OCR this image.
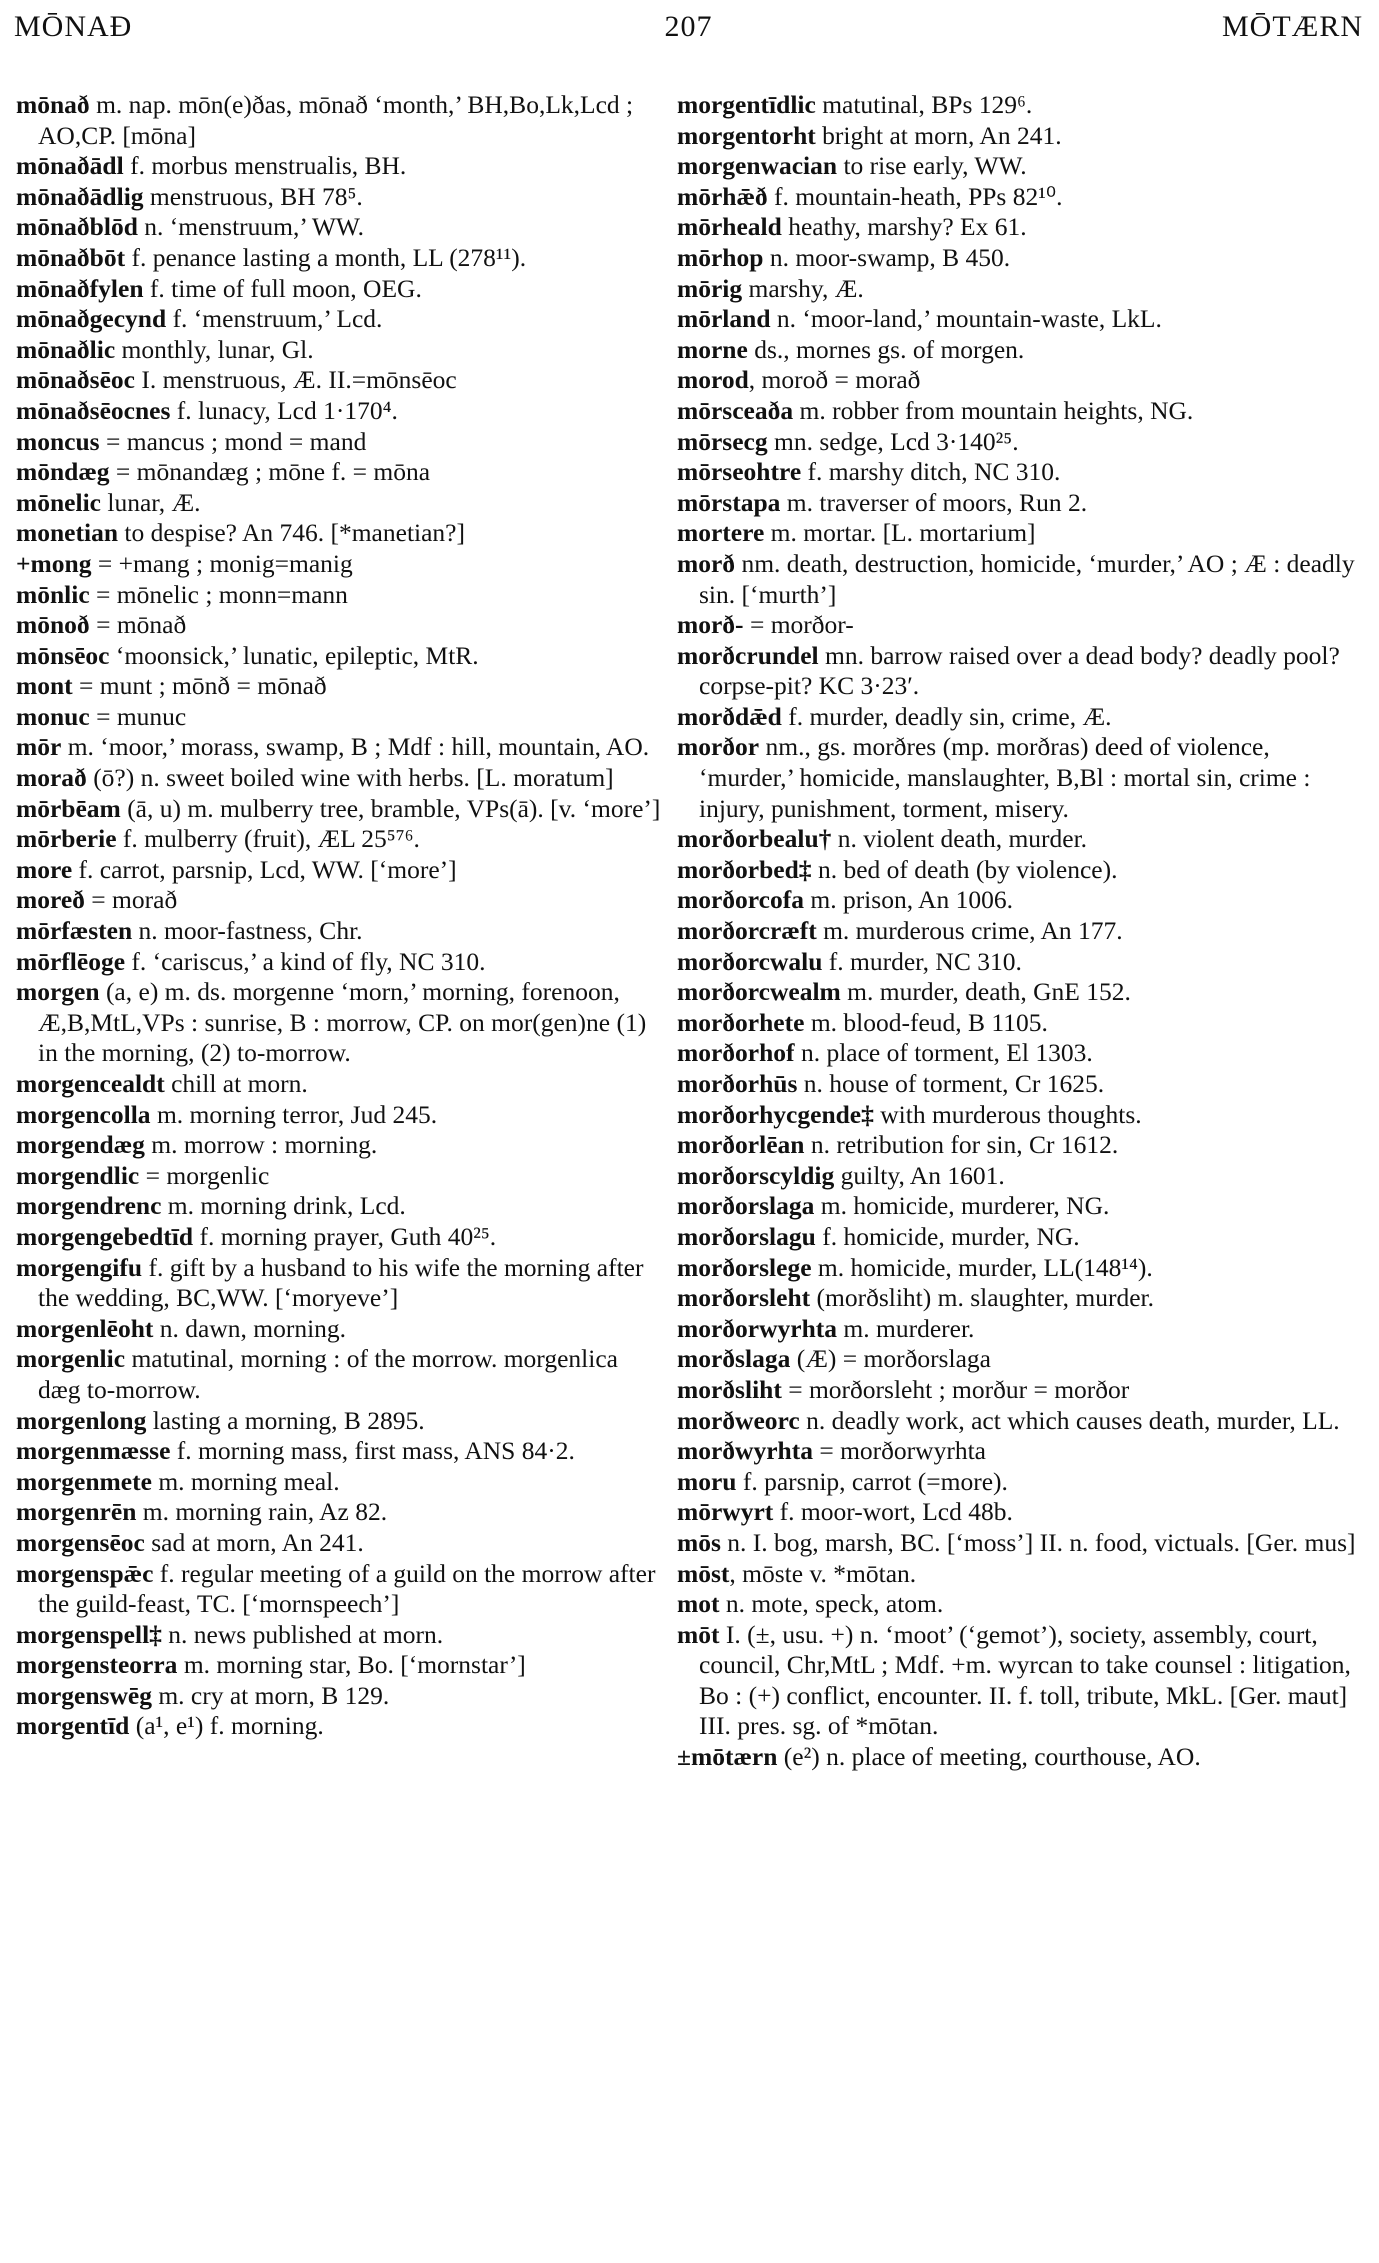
MŌNAÐ	207	MŌTÆRN

mōnað m. nap. mōn(e)ðas, mōnað ‘month,’ BH,Bo,Lk,Lcd ; AO,CP. [mōna]

mōnaðādl f. morbus menstrualis, BH.

mōnaðādlig menstruous, BH 78⁵.

mōnaðblōd n. ‘menstruum,’ WW.

mōnaðbōt f. penance lasting a month, LL (278¹¹).

mōnaðfylen f. time of full moon, OEG.

mōnaðgecynd f. ‘menstruum,’ Lcd.

mōnaðlic monthly, lunar, Gl.

mōnaðsēoc I. menstruous, Æ. II.=mōnsēoc

mōnaðsēocnes f. lunacy, Lcd 1·170⁴.

moncus = mancus ; mond = mand

mōndæg = mōnandæg ; mōne f. = mōna

mōnelic lunar, Æ.

monetian to despise? An 746. [*manetian?]

+mong = +mang ; monig=manig

mōnlic = mōnelic ; monn=mann

mōnoð = mōnað

mōnsēoc ‘moonsick,’ lunatic, epileptic, MtR.

mont = munt ; mōnð = mōnað

monuc = munuc

mōr m. ‘moor,’ morass, swamp, B ; Mdf : hill, mountain, AO.

morað (ō?) n. sweet boiled wine with herbs. [L. moratum]

mōrbēam (ā, u) m. mulberry tree, bramble, VPs(ā). [v. ‘more’]

mōrberie f. mulberry (fruit), ÆL 25⁵⁷⁶.

more f. carrot, parsnip, Lcd, WW. [‘more’]

moreð = morað

mōrfæsten n. moor-fastness, Chr.

mōrflēoge f. ‘cariscus,’ a kind of fly, NC 310.

morgen (a, e) m. ds. morgenne ‘morn,’ morning, forenoon, Æ,B,MtL,VPs : sunrise, B : morrow, CP. on mor(gen)ne (1) in the morning, (2) to-morrow.

morgencealdt chill at morn.

morgencolla m. morning terror, Jud 245.

morgendæg m. morrow : morning.

morgendlic = morgenlic

morgendrenc m. morning drink, Lcd.

morgengebedtīd f. morning prayer, Guth 40²⁵.

morgengifu f. gift by a husband to his wife the morning after the wedding, BC,WW. [‘moryeve’]

morgenlēoht n. dawn, morning.

morgenlic matutinal, morning : of the morrow. morgenlica dæg to-morrow.

morgenlong lasting a morning, B 2895.

morgenmæsse f. morning mass, first mass, ANS 84·2.

morgenmete m. morning meal.

morgenrēn m. morning rain, Az 82.

morgensēoc sad at morn, An 241.

morgenspǣc f. regular meeting of a guild on the morrow after the guild-feast, TC. [‘mornspeech’]

morgenspell‡ n. news published at morn.

morgensteorra m. morning star, Bo. [‘mornstar’]

morgenswēg m. cry at morn, B 129.

morgentīd (a¹, e¹) f. morning.

morgentīdlic matutinal, BPs 129⁶.

morgentorht bright at morn, An 241.

morgenwacian to rise early, WW.

mōrhǣð f. mountain-heath, PPs 82¹⁰.

mōrheald heathy, marshy? Ex 61.

mōrhop n. moor-swamp, B 450.

mōrig marshy, Æ.

mōrland n. ‘moor-land,’ mountain-waste, LkL.

morne ds., mornes gs. of morgen.

morod, moroð = morað

mōrsceaða m. robber from mountain heights, NG.

mōrsecg mn. sedge, Lcd 3·140²⁵.

mōrseohtre f. marshy ditch, NC 310.

mōrstapa m. traverser of moors, Run 2.

mortere m. mortar. [L. mortarium]

morð nm. death, destruction, homicide, ‘murder,’ AO ; Æ : deadly sin. [‘murth’]

morð- = morðor-

morðcrundel mn. barrow raised over a dead body? deadly pool? corpse-pit? KC 3·23′.

morðdǣd f. murder, deadly sin, crime, Æ.

morðor nm., gs. morðres (mp. morðras) deed of violence, ‘murder,’ homicide, manslaughter, B,Bl : mortal sin, crime : injury, punishment, torment, misery.

morðorbealu† n. violent death, murder.

morðorbed‡ n. bed of death (by violence).

morðorcofa m. prison, An 1006.

morðorcræft m. murderous crime, An 177.

morðorcwalu f. murder, NC 310.

morðorcwealm m. murder, death, GnE 152.

morðorhete m. blood-feud, B 1105.

morðorhof n. place of torment, El 1303.

morðorhūs n. house of torment, Cr 1625.

morðorhycgende‡ with murderous thoughts.

morðorlēan n. retribution for sin, Cr 1612.

morðorscyldig guilty, An 1601.

morðorslaga m. homicide, murderer, NG.

morðorslagu f. homicide, murder, NG.

morðorslege m. homicide, murder, LL(148¹⁴).

morðorsleht (morðsliht) m. slaughter, murder.

morðorwyrhta m. murderer.

morðslaga (Æ) = morðorslaga

morðsliht = morðorsleht ; morður = morðor

morðweorc n. deadly work, act which causes death, murder, LL.

morðwyrhta = morðorwyrhta

moru f. parsnip, carrot (=more).

mōrwyrt f. moor-wort, Lcd 48b.

mōs n. I. bog, marsh, BC. [‘moss’] II. n. food, victuals. [Ger. mus]

mōst, mōste v. *mōtan.

mot n. mote, speck, atom.

mōt I. (±, usu. +) n. ‘moot’ (‘gemot’), society, assembly, court, council, Chr,MtL ; Mdf. +m. wyrcan to take counsel : litigation, Bo : (+) conflict, encounter. II. f. toll, tribute, MkL. [Ger. maut] III. pres. sg. of *mōtan.

±mōtærn (e²) n. place of meeting, courthouse, AO.
